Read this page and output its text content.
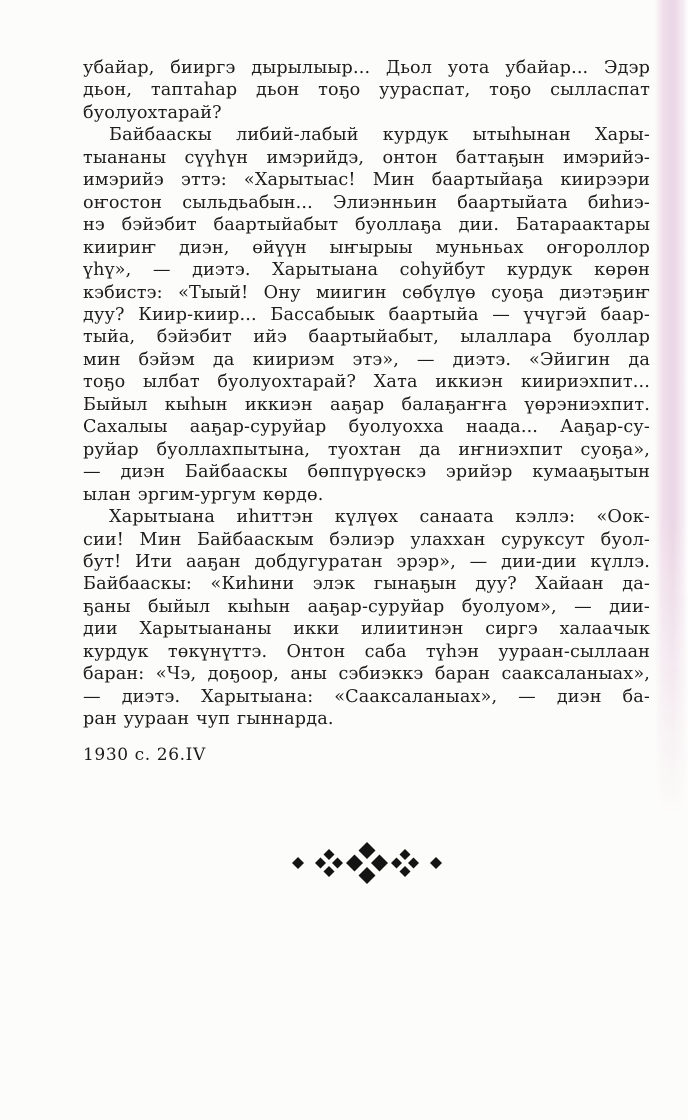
убайар, бииргэ дырылыыр... Дьол уота убайар... Эдэр
дьон, таптаһар дьон тоҕо уураспат, тоҕо сылласпат
буолуохтарай?
Байбааскы либий-лабый курдук ытыһынан Хары-
тыананы сүүһүн имэрийдэ, онтон баттаҕын имэрийэ-
имэрийэ эттэ: «Харытыас! Мин баартыйаҕа киирээри
оҥостон сыльдьабын... Элиэнньин баартыйата биһиэ-
нэ бэйэбит баартыйабыт буоллаҕа дии. Батараактары
киириҥ диэн, өйүүн ыҥырыы муньньах оҥороллор
үһү», — диэтэ. Харытыана соһуйбут курдук көрөн
кэбистэ: «Тыый! Ону миигин сөбүлүө суоҕа диэтэҕиҥ
дуу? Киир-киир... Бассабыык баартыйа — үчүгэй баар-
тыйа, бэйэбит ийэ баартыйабыт, ылаллара буоллар
мин бэйэм да киириэм этэ», — диэтэ. «Эйигин да
тоҕо ылбат буолуохтарай? Хата иккиэн киириэхпит...
Быйыл кыһын иккиэн ааҕар балаҕаҥҥа үөрэниэхпит.
Сахалыы ааҕар-суруйар буолуохха наада... Ааҕар-су-
руйар буоллахпытына, туохтан да иҥниэхпит суоҕа»,
— диэн Байбааскы бөппүрүөскэ эрийэр кумааҕытын
ылан эргим-ургум көрдө.
Харытыана иһиттэн күлүөх санаата кэллэ: «Оок-
сии! Мин Байбааскым бэлиэр улаххан суруксут буол-
бут! Ити ааҕан добдугуратан эрэр», — дии-дии күллэ.
Байбааскы: «Киһини элэк гынаҕын дуу? Хайаан да-
ҕаны быйыл кыһын ааҕар-суруйар буолуом», — дии-
дии Харытыананы икки илиитинэн сиргэ халаачык
курдук төкүнүттэ. Онтон саба түһэн уураан-сыллаан
баран: «Чэ, доҕоор, аны сэбиэккэ баран сааксаланыах»,
— диэтэ. Харытыана: «Сааксаланыах», — диэн ба-
ран уураан чуп гыннарда.
1930 с. 26.IV
